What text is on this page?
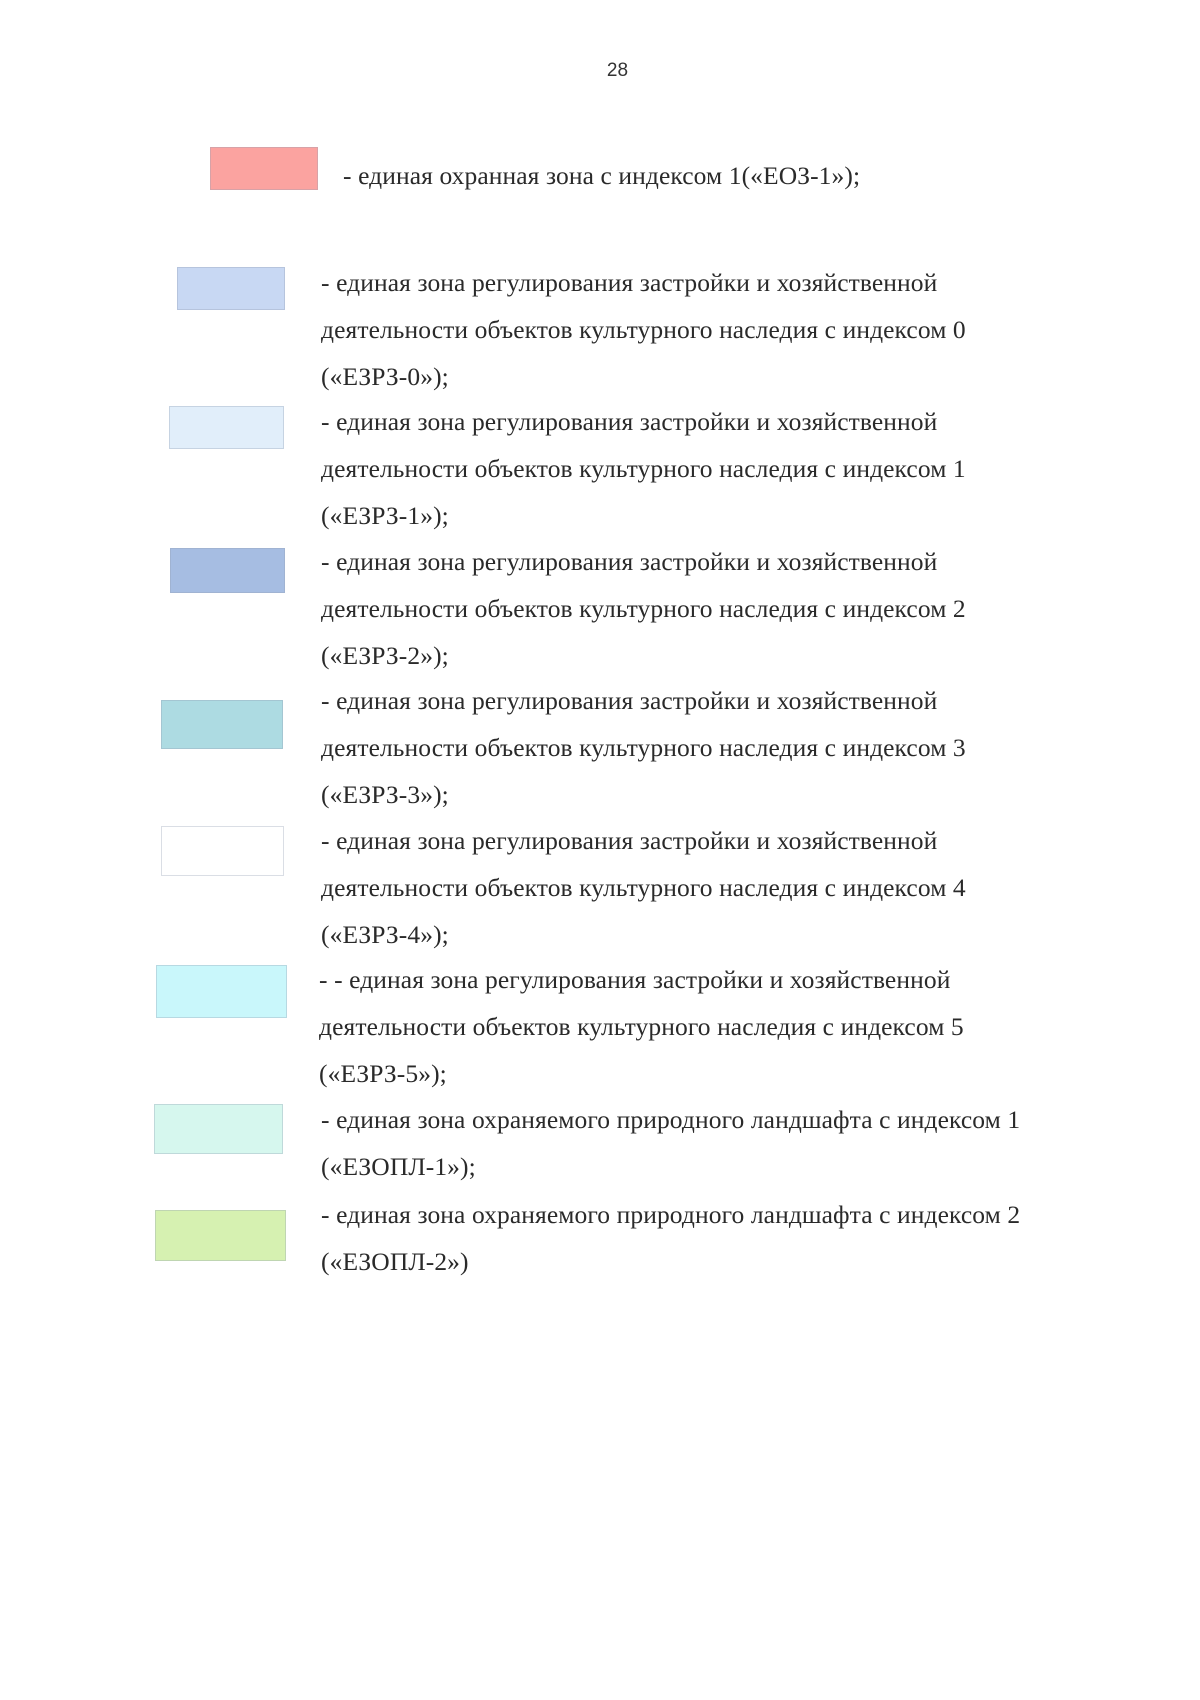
28
- единая охранная зона с индексом 1(«ЕОЗ-1»);
- единая зона регулирования застройки и хозяйственной
деятельности объектов культурного наследия с индексом 0
(«ЕЗРЗ-0»);
- единая зона регулирования застройки и хозяйственной
деятельности объектов культурного наследия с индексом 1
(«ЕЗРЗ-1»);
- единая зона регулирования застройки и хозяйственной
деятельности объектов культурного наследия с индексом 2
(«ЕЗРЗ-2»);
- единая зона регулирования застройки и хозяйственной
деятельности объектов культурного наследия с индексом 3
(«ЕЗРЗ-3»);
- единая зона регулирования застройки и хозяйственной
деятельности объектов культурного наследия с индексом 4
(«ЕЗРЗ-4»);
- - единая зона регулирования застройки и хозяйственной
деятельности объектов культурного наследия с индексом 5
(«ЕЗРЗ-5»);
- единая зона охраняемого природного ландшафта с индексом 1
(«ЕЗОПЛ-1»);
- единая зона охраняемого природного ландшафта с индексом 2
(«ЕЗОПЛ-2»)
